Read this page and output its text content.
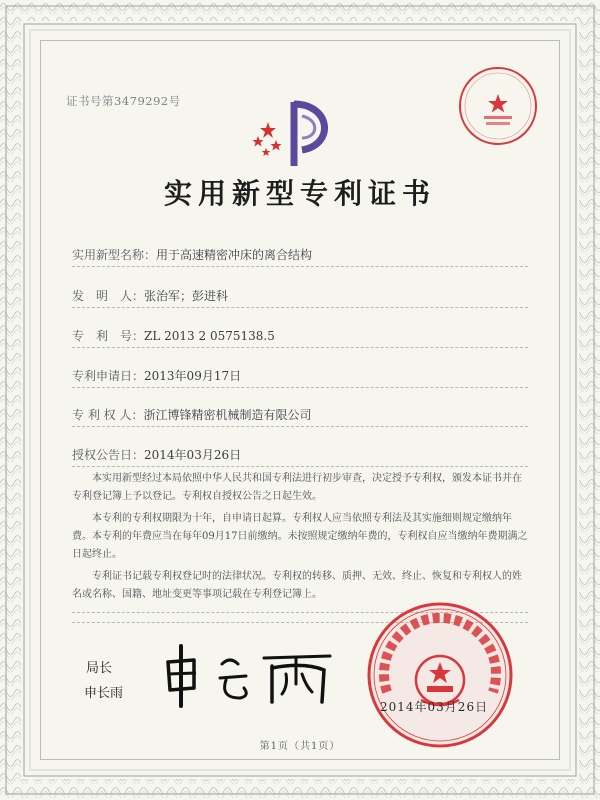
证书号第3479292号
实用新型专利证书
实用新型名称：用于高速精密冲床的离合结构
发　明　人：张治军；彭进科
专　利　号：ZL 2013 2 0575138.5
专利申请日：2013年09月17日
专 利 权 人：浙江博锋精密机械制造有限公司
授权公告日：2014年03月26日

本实用新型经过本局依照中华人民共和国专利法进行初步审查，决定授予专利权，颁发本证书并在专利登记簿上予以登记。专利权自授权公告之日起生效。

本专利的专利权期限为十年，自申请日起算。专利权人应当依照专利法及其实施细则规定缴纳年费。本专利的年费应当在每年09月17日前缴纳。未按照规定缴纳年费的，专利权自应当缴纳年费期满之日起终止。

专利证书记载专利权登记时的法律状况。专利权的转移、质押、无效、终止、恢复和专利权人的姓名或名称、国籍、地址变更等事项记载在专利登记簿上。

局长
申长雨
2014年03月26日
第1页（共1页）
